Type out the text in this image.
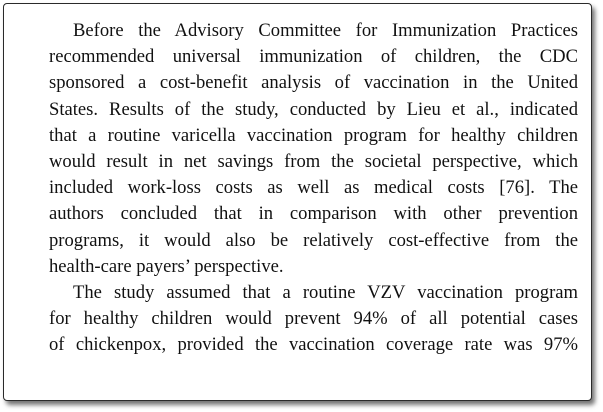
Before the Advisory Committee for Immunization Practices
recommended universal immunization of children, the CDC
sponsored a cost-benefit analysis of vaccination in the United
States. Results of the study, conducted by Lieu et al., indicated
that a routine varicella vaccination program for healthy children
would result in net savings from the societal perspective, which
included work-loss costs as well as medical costs [76]. The
authors concluded that in comparison with other prevention
programs, it would also be relatively cost-effective from the
health-care payers’ perspective.
The study assumed that a routine VZV vaccination program
for healthy children would prevent 94% of all potential cases
of chickenpox, provided the vaccination coverage rate was 97%
